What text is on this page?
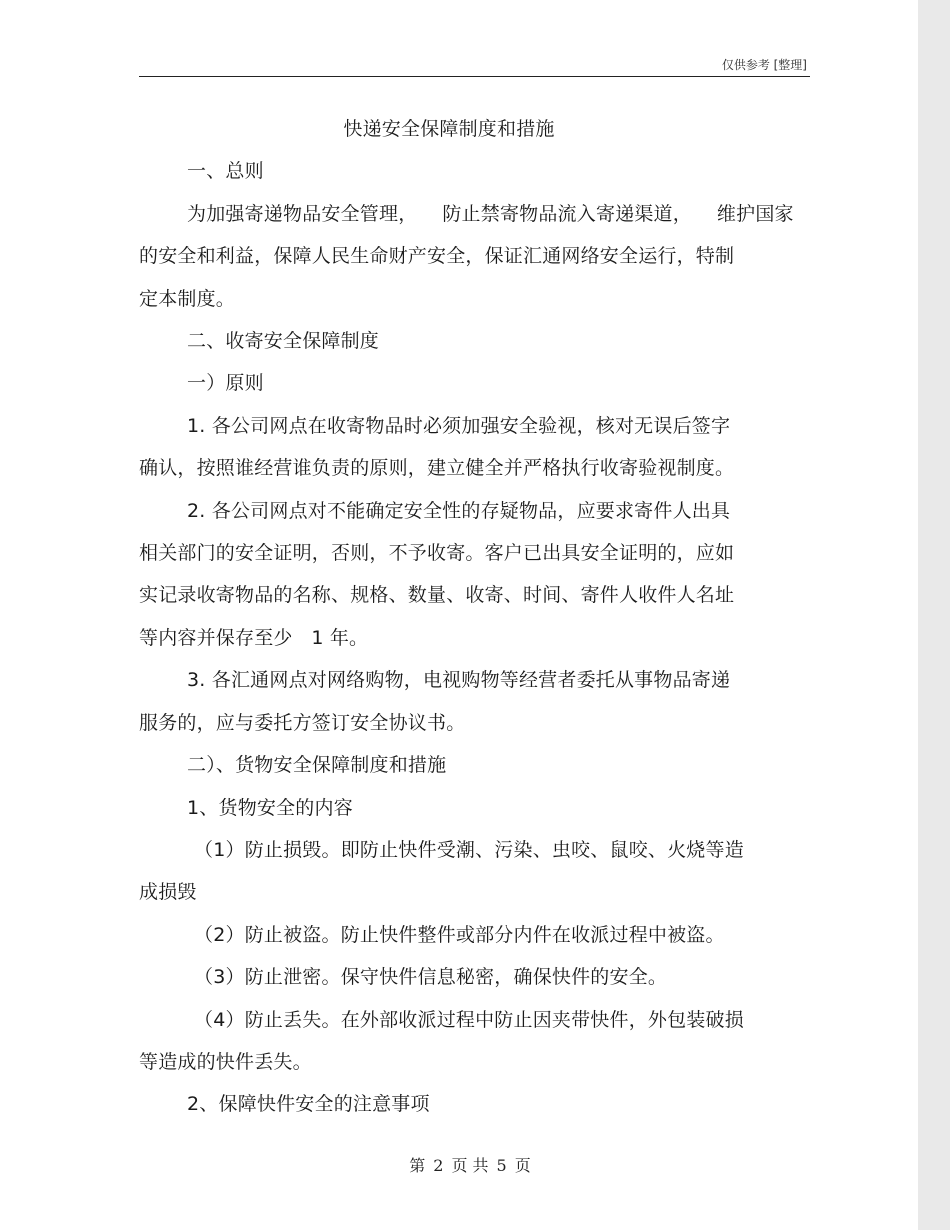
仅供参考 [整理]
快递安全保障制度和措施
一、总则
为加强寄递物品安全管理，    防止禁寄物品流入寄递渠道，    维护国家
的安全和利益，保障人民生命财产安全，保证汇通网络安全运行，特制
定本制度。
二、收寄安全保障制度
一）原则
1. 各公司网点在收寄物品时必须加强安全验视，核对无误后签字
确认，按照谁经营谁负责的原则，建立健全并严格执行收寄验视制度。
2. 各公司网点对不能确定安全性的存疑物品，应要求寄件人出具
相关部门的安全证明，否则，不予收寄。客户已出具安全证明的，应如
实记录收寄物品的名称、规格、数量、收寄、时间、寄件人收件人名址
等内容并保存至少   1 年。
3. 各汇通网点对网络购物，电视购物等经营者委托从事物品寄递
服务的，应与委托方签订安全协议书。
二）、货物安全保障制度和措施
1、货物安全的内容
（1）防止损毁。即防止快件受潮、污染、虫咬、鼠咬、火烧等造
成损毁
（2）防止被盗。防止快件整件或部分内件在收派过程中被盗。
（3）防止泄密。保守快件信息秘密，确保快件的安全。
（4）防止丢失。在外部收派过程中防止因夹带快件，外包装破损
等造成的快件丢失。
2、保障快件安全的注意事项
第 2 页 共 5 页
